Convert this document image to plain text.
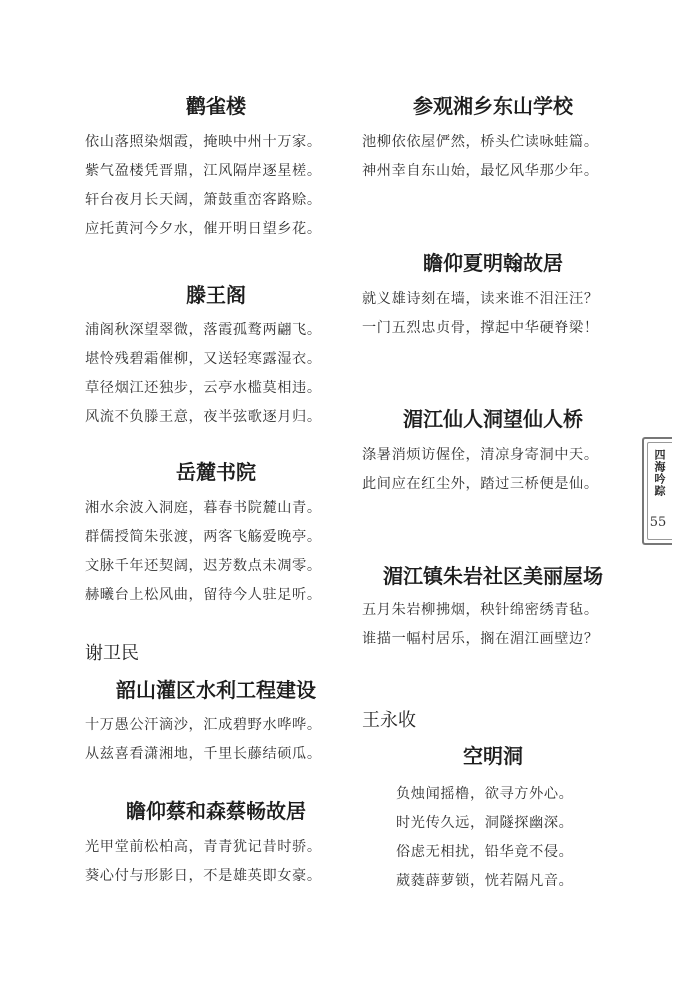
鹳雀楼
依山落照染烟霞，掩映中州十万家。
紫气盈楼凭晋鼎，江风隔岸逐星槎。
轩台夜月长天阔，箫鼓重峦客路赊。
应托黄河今夕水，催开明日望乡花。
滕王阁
浦阁秋深望翠微，落霞孤鹜两翩飞。
堪怜残碧霜催柳，又送轻寒露湿衣。
草径烟江还独步，云亭水槛莫相违。
风流不负滕王意，夜半弦歌逐月归。
岳麓书院
湘水余波入洞庭，暮春书院麓山青。
群儒授简朱张渡，两客飞觞爱晚亭。
文脉千年还契阔，迟芳数点未凋零。
赫曦台上松风曲，留待今人驻足听。
谢卫民
韶山灌区水利工程建设
十万愚公汗滴沙，汇成碧野水哗哗。
从兹喜看潇湘地，千里长藤结硕瓜。
瞻仰蔡和森蔡畅故居
光甲堂前松柏高，青青犹记昔时骄。
葵心付与形影日，不是雄英即女豪。
参观湘乡东山学校
池柳依依屋俨然，桥头伫读咏蛙篇。
神州幸自东山始，最忆风华那少年。
瞻仰夏明翰故居
就义雄诗刻在墙，读来谁不泪汪汪？
一门五烈忠贞骨，撑起中华硬脊梁！
湄江仙人洞望仙人桥
涤暑消烦访偓佺，清凉身寄洞中天。
此间应在红尘外，踏过三桥便是仙。
湄江镇朱岩社区美丽屋场
五月朱岩柳拂烟，秧针绵密绣青毡。
谁描一幅村居乐，搁在湄江画壁边？
王永收
空明洞
负烛闻摇橹，欲寻方外心。
时光传久远，洞隧探幽深。
俗虑无相扰，铅华竟不侵。
葳蕤薜萝锁，恍若隔凡音。
四海吟踪
55
